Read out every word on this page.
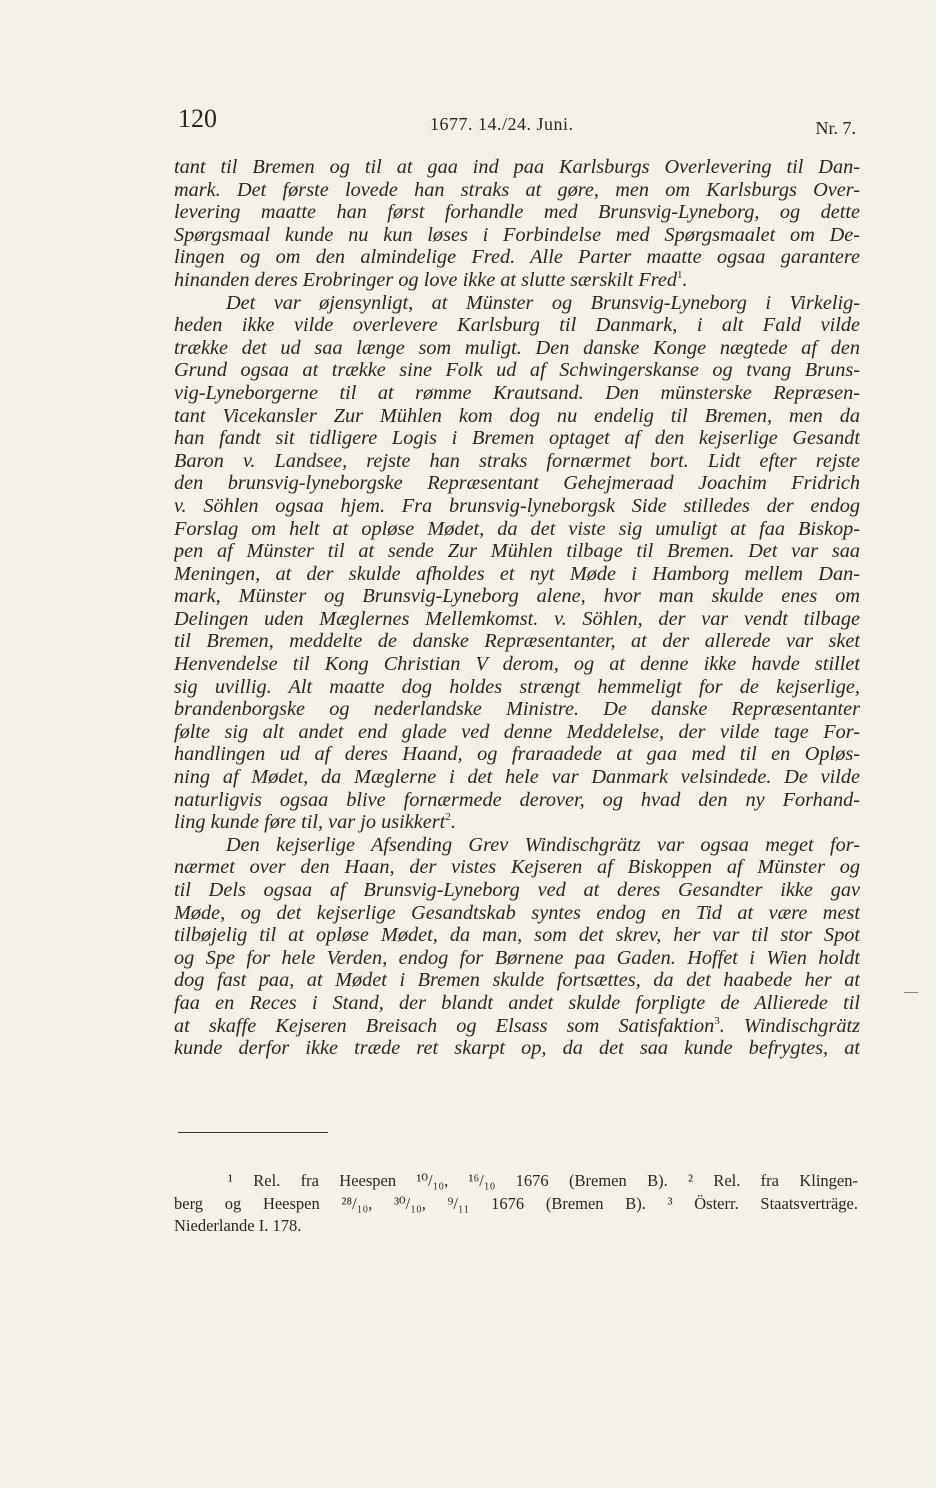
120	1677. 14./24. Juni.	Nr. 7.
tant til Bremen og til at gaa ind paa Karlsburgs Overlevering til Dan-
mark. Det første lovede han straks at gøre, men om Karlsburgs Over-
levering maatte han først forhandle med Brunsvig-Lyneborg, og dette
Spørgsmaal kunde nu kun løses i Forbindelse med Spørgsmaalet om De-
lingen og om den almindelige Fred. Alle Parter maatte ogsaa garantere
hinanden deres Erobringer og love ikke at slutte særskilt Fred$^1$.
Det var øjensynligt, at Münster og Brunsvig-Lyneborg i Virkelig-
heden ikke vilde overlevere Karlsburg til Danmark, i alt Fald vilde
trække det ud saa længe som muligt. Den danske Konge nægtede af den
Grund ogsaa at trække sine Folk ud af Schwingerskanse og tvang Bruns-
vig-Lyneborgerne til at rømme Krautsand. Den münsterske Repræsen-
tant Vicekansler Zur Mühlen kom dog nu endelig til Bremen, men da
han fandt sit tidligere Logis i Bremen optaget af den kejserlige Gesandt
Baron v. Landsee, rejste han straks fornærmet bort. Lidt efter rejste
den brunsvig-lyneborgske Repræsentant Gehejmeraad Joachim Fridrich
v. Söhlen ogsaa hjem. Fra brunsvig-lyneborgsk Side stilledes der endog
Forslag om helt at opløse Mødet, da det viste sig umuligt at faa Biskop-
pen af Münster til at sende Zur Mühlen tilbage til Bremen. Det var saa
Meningen, at der skulde afholdes et nyt Møde i Hamborg mellem Dan-
mark, Münster og Brunsvig-Lyneborg alene, hvor man skulde enes om
Delingen uden Mæglernes Mellemkomst. v. Söhlen, der var vendt tilbage
til Bremen, meddelte de danske Repræsentanter, at der allerede var sket
Henvendelse til Kong Christian V derom, og at denne ikke havde stillet
sig uvillig. Alt maatte dog holdes strængt hemmeligt for de kejserlige,
brandenborgske og nederlandske Ministre. De danske Repræsentanter
følte sig alt andet end glade ved denne Meddelelse, der vilde tage For-
handlingen ud af deres Haand, og fraraadede at gaa med til en Opløs-
ning af Mødet, da Mæglerne i det hele var Danmark velsindede. De vilde
naturligvis ogsaa blive fornærmede derover, og hvad den ny Forhand-
ling kunde føre til, var jo usikkert$^2$.
Den kejserlige Afsending Grev Windischgrätz var ogsaa meget for-
nærmet over den Haan, der vistes Kejseren af Biskoppen af Münster og
til Dels ogsaa af Brunsvig-Lyneborg ved at deres Gesandter ikke gav
Møde, og det kejserlige Gesandtskab syntes endog en Tid at være mest
tilbøjelig til at opløse Mødet, da man, som det skrev, her var til stor Spot
og Spe for hele Verden, endog for Børnene paa Gaden. Hoffet i Wien holdt
dog fast paa, at Mødet i Bremen skulde fortsættes, da det haabede her at
faa en Reces i Stand, der blandt andet skulde forpligte de Allierede til
at skaffe Kejseren Breisach og Elsass som Satisfaktion$^3$. Windischgrätz
kunde derfor ikke træde ret skarpt op, da det saa kunde befrygtes, at
¹ Rel. fra Heespen ¹⁰/₁₀, ¹⁶/₁₀ 1676 (Bremen B). ² Rel. fra Klingen-
berg og Heespen ²⁸/₁₀, ³⁰/₁₀, ⁹/₁₁ 1676 (Bremen B). ³ Österr. Staatsverträge.
Niederlande I. 178.
